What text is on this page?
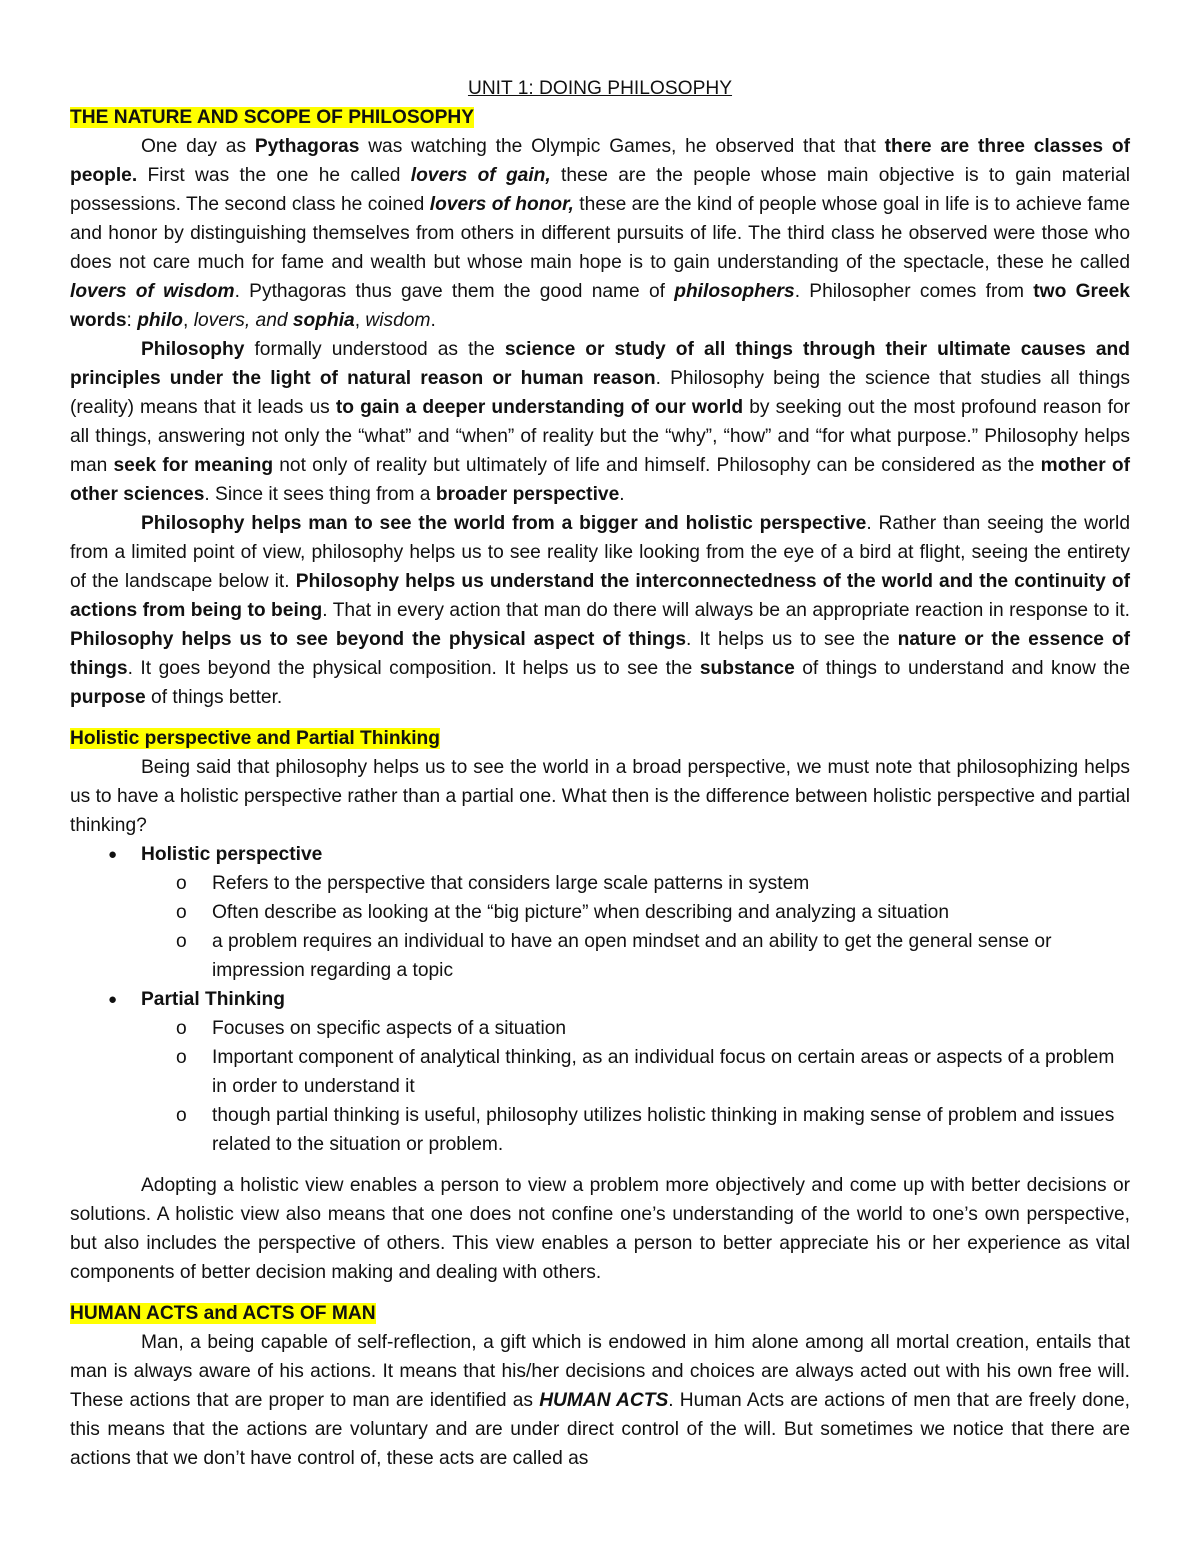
UNIT 1: DOING PHILOSOPHY
THE NATURE AND SCOPE OF PHILOSOPHY

One day as Pythagoras was watching the Olympic Games, he observed that that there are three classes of people. First was the one he called lovers of gain, these are the people whose main objective is to gain material possessions. The second class he coined lovers of honor, these are the kind of people whose goal in life is to achieve fame and honor by distinguishing themselves from others in different pursuits of life. The third class he observed were those who does not care much for fame and wealth but whose main hope is to gain understanding of the spectacle, these he called lovers of wisdom. Pythagoras thus gave them the good name of philosophers. Philosopher comes from two Greek words: philo, lovers, and sophia, wisdom.

Philosophy formally understood as the science or study of all things through their ultimate causes and principles under the light of natural reason or human reason. Philosophy being the science that studies all things (reality) means that it leads us to gain a deeper understanding of our world by seeking out the most profound reason for all things, answering not only the “what” and “when” of reality but the “why”, “how” and “for what purpose.” Philosophy helps man seek for meaning not only of reality but ultimately of life and himself. Philosophy can be considered as the mother of other sciences. Since it sees thing from a broader perspective.

Philosophy helps man to see the world from a bigger and holistic perspective. Rather than seeing the world from a limited point of view, philosophy helps us to see reality like looking from the eye of a bird at flight, seeing the entirety of the landscape below it. Philosophy helps us understand the interconnectedness of the world and the continuity of actions from being to being. That in every action that man do there will always be an appropriate reaction in response to it. Philosophy helps us to see beyond the physical aspect of things. It helps us to see the nature or the essence of things. It goes beyond the physical composition. It helps us to see the substance of things to understand and know the purpose of things better.

Holistic perspective and Partial Thinking

Being said that philosophy helps us to see the world in a broad perspective, we must note that philosophizing helps us to have a holistic perspective rather than a partial one. What then is the difference between holistic perspective and partial thinking?

● Holistic perspective
o Refers to the perspective that considers large scale patterns in system
o Often describe as looking at the “big picture” when describing and analyzing a situation
o a problem requires an individual to have an open mindset and an ability to get the general sense or impression regarding a topic
● Partial Thinking
o Focuses on specific aspects of a situation
o Important component of analytical thinking, as an individual focus on certain areas or aspects of a problem in order to understand it
o though partial thinking is useful, philosophy utilizes holistic thinking in making sense of problem and issues related to the situation or problem.

Adopting a holistic view enables a person to view a problem more objectively and come up with better decisions or solutions. A holistic view also means that one does not confine one’s understanding of the world to one’s own perspective, but also includes the perspective of others. This view enables a person to better appreciate his or her experience as vital components of better decision making and dealing with others.

HUMAN ACTS and ACTS OF MAN

Man, a being capable of self-reflection, a gift which is endowed in him alone among all mortal creation, entails that man is always aware of his actions. It means that his/her decisions and choices are always acted out with his own free will. These actions that are proper to man are identified as HUMAN ACTS. Human Acts are actions of men that are freely done, this means that the actions are voluntary and are under direct control of the will. But sometimes we notice that there are actions that we don’t have control of, these acts are called as
